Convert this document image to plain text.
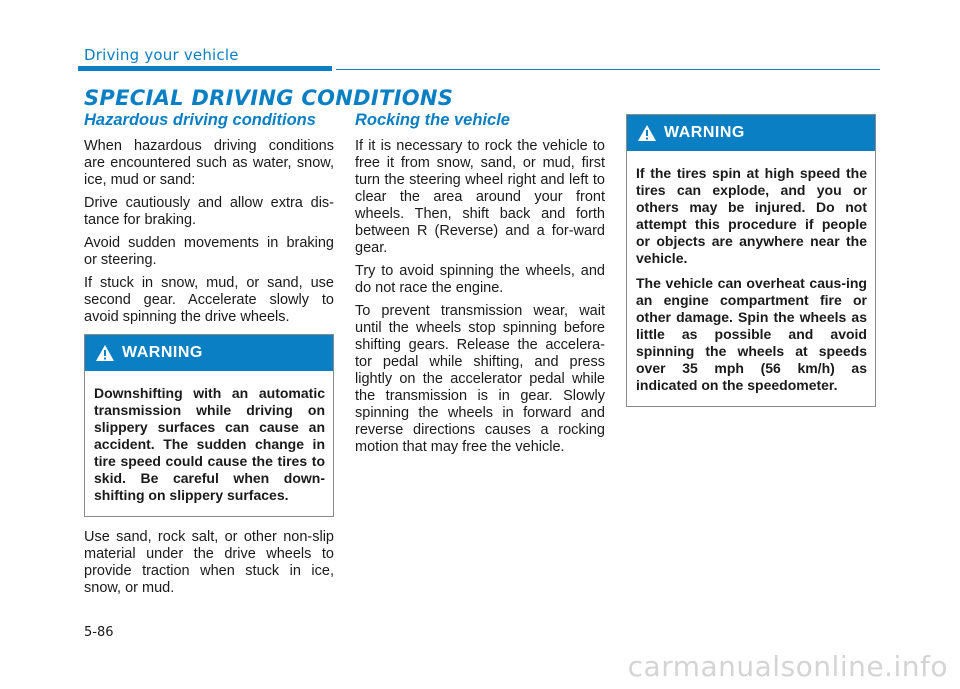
Driving your vehicle
SPECIAL DRIVING CONDITIONS
Hazardous driving conditions

When hazardous driving conditions are encountered such as water, snow, ice, mud or sand:

Drive cautiously and allow extra dis-tance for braking.

Avoid sudden movements in braking or steering.

If stuck in snow, mud, or sand, use second gear. Accelerate slowly to avoid spinning the drive wheels.

WARNING

Downshifting with an automatic transmission while driving on slippery surfaces can cause an accident. The sudden change in tire speed could cause the tires to skid. Be careful when down-shifting on slippery surfaces.

Use sand, rock salt, or other non-slip material under the drive wheels to provide traction when stuck in ice, snow, or mud.

Rocking the vehicle

If it is necessary to rock the vehicle to free it from snow, sand, or mud, first turn the steering wheel right and left to clear the area around your front wheels. Then, shift back and forth between R (Reverse) and a for-ward gear.

Try to avoid spinning the wheels, and do not race the engine.

To prevent transmission wear, wait until the wheels stop spinning before shifting gears. Release the accelera-tor pedal while shifting, and press lightly on the accelerator pedal while the transmission is in gear. Slowly spinning the wheels in forward and reverse directions causes a rocking motion that may free the vehicle.

WARNING

If the tires spin at high speed the tires can explode, and you or others may be injured. Do not attempt this procedure if people or objects are anywhere near the vehicle.

The vehicle can overheat caus-ing an engine compartment fire or other damage. Spin the wheels as little as possible and avoid spinning the wheels at speeds over 35 mph (56 km/h) as indicated on the speedometer.

5-86
carmanualsonline.info
